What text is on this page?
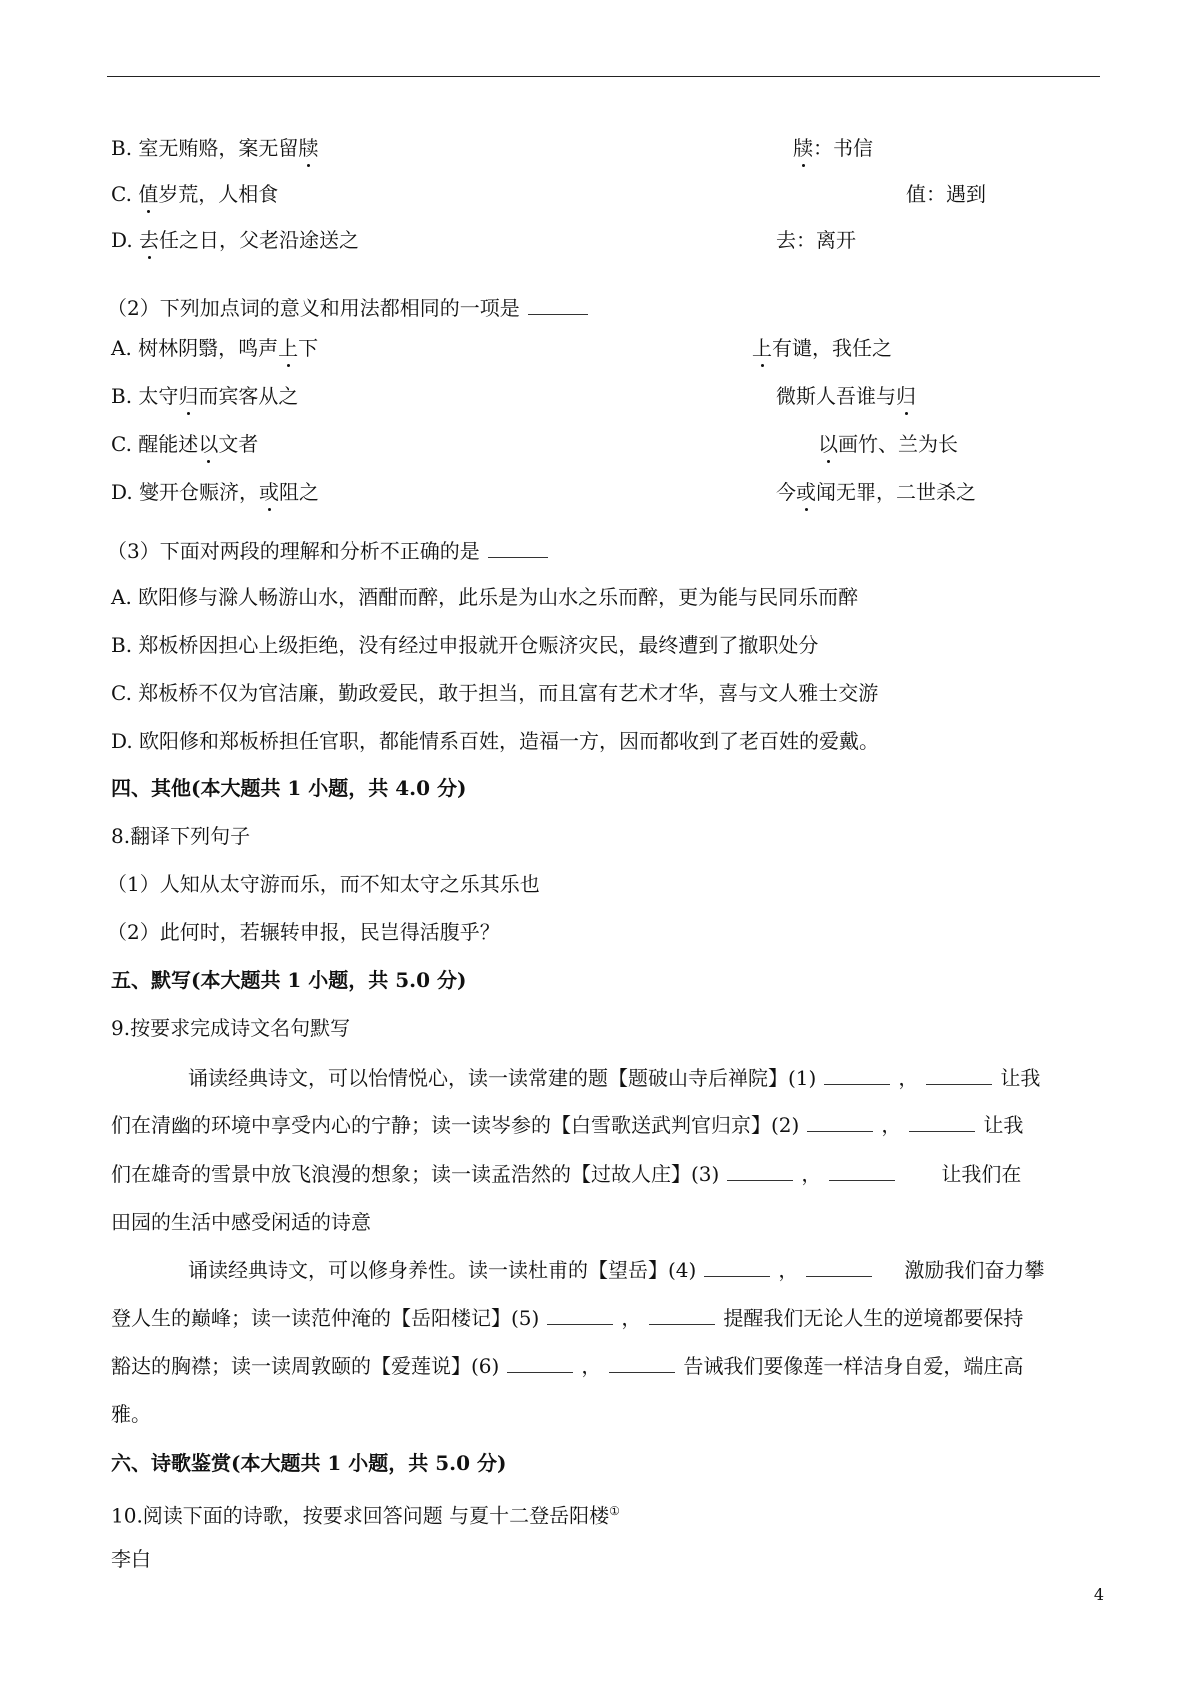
B. 室无贿赂，案无留牍	牍：书信
C. 值岁荒，人相食	值：遇到
D. 去任之日，父老沿途送之	去：离开
（2）下列加点词的意义和用法都相同的一项是
A. 树林阴翳，鸣声上下	上有谴，我任之
B. 太守归而宾客从之	微斯人吾谁与归
C. 醒能述以文者	以画竹、兰为长
D. 燮开仓赈济，或阻之	今或闻无罪，二世杀之
（3）下面对两段的理解和分析不正确的是
A. 欧阳修与滁人畅游山水，酒酣而醉，此乐是为山水之乐而醉，更为能与民同乐而醉
B. 郑板桥因担心上级拒绝，没有经过申报就开仓赈济灾民，最终遭到了撤职处分
C. 郑板桥不仅为官洁廉，勤政爱民，敢于担当，而且富有艺术才华，喜与文人雅士交游
D. 欧阳修和郑板桥担任官职，都能情系百姓，造福一方，因而都收到了老百姓的爱戴。
四、其他(本大题共 1 小题，共 4.0 分)
8.翻译下列句子
（1）人知从太守游而乐，而不知太守之乐其乐也
（2）此何时，若辗转申报，民岂得活腹乎？
五、默写(本大题共 1 小题，共 5.0 分)
9.按要求完成诗文名句默写
诵读经典诗文，可以怡情悦心，读一读常建的题【题破山寺后禅院】(1)	，	让我
们在清幽的环境中享受内心的宁静；读一读岑参的【白雪歌送武判官归京】(2)	，	让我
们在雄奇的雪景中放飞浪漫的想象；读一读孟浩然的【过故人庄】(3)	，	让我们在
田园的生活中感受闲适的诗意
诵读经典诗文，可以修身养性。读一读杜甫的【望岳】(4)	，	激励我们奋力攀
登人生的巅峰；读一读范仲淹的【岳阳楼记】(5)	，	提醒我们无论人生的逆境都要保持
豁达的胸襟；读一读周敦颐的【爱莲说】(6)	，	告诫我们要像莲一样洁身自爱，端庄高
雅。
六、诗歌鉴赏(本大题共 1 小题，共 5.0 分)
10.阅读下面的诗歌，按要求回答问题 与夏十二登岳阳楼①
李白
4
